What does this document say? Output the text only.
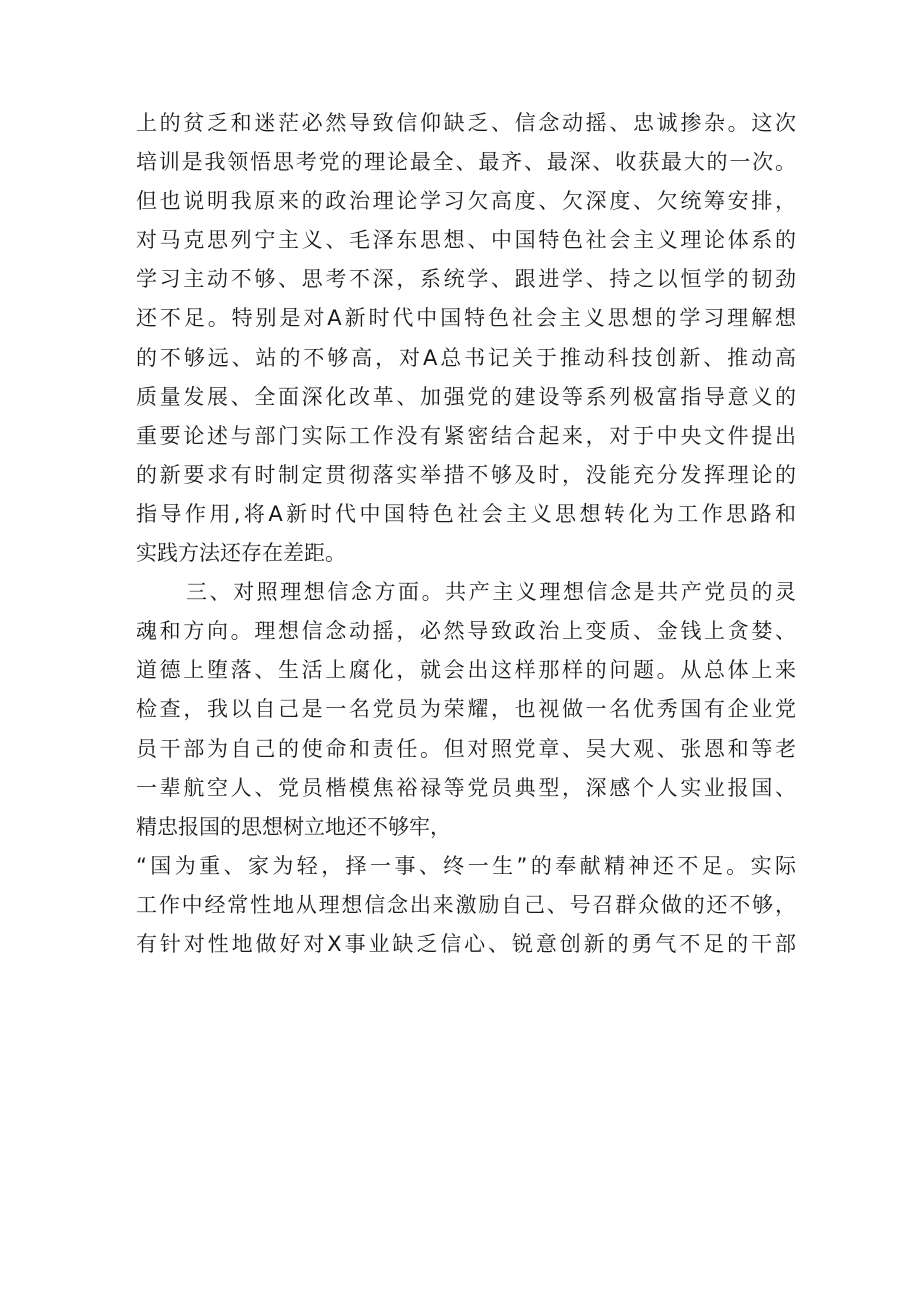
上的贫乏和迷茫必然导致信仰缺乏、信念动摇、忠诚掺杂。这次
培训是我领悟思考党的理论最全、最齐、最深、收获最大的一次。
但也说明我原来的政治理论学习欠高度、欠深度、欠统筹安排，
对马克思列宁主义、毛泽东思想、中国特色社会主义理论体系的
学习主动不够、思考不深，系统学、跟进学、持之以恒学的韧劲
还不足。特别是对A新时代中国特色社会主义思想的学习理解想
的不够远、站的不够高，对A总书记关于推动科技创新、推动高
质量发展、全面深化改革、加强党的建设等系列极富指导意义的
重要论述与部门实际工作没有紧密结合起来，对于中央文件提出
的新要求有时制定贯彻落实举措不够及时，没能充分发挥理论的
指导作用,将A新时代中国特色社会主义思想转化为工作思路和
实践方法还存在差距。
三、对照理想信念方面。共产主义理想信念是共产党员的灵
魂和方向。理想信念动摇，必然导致政治上变质、金钱上贪婪、
道德上堕落、生活上腐化，就会出这样那样的问题。从总体上来
检查，我以自己是一名党员为荣耀，也视做一名优秀国有企业党
员干部为自己的使命和责任。但对照党章、吴大观、张恩和等老
一辈航空人、党员楷模焦裕禄等党员典型，深感个人实业报国、
精忠报国的思想树立地还不够牢，
“国为重、家为轻，择一事、终一生”的奉献精神还不足。实际
工作中经常性地从理想信念出来激励自己、号召群众做的还不够，
有针对性地做好对X事业缺乏信心、锐意创新的勇气不足的干部
